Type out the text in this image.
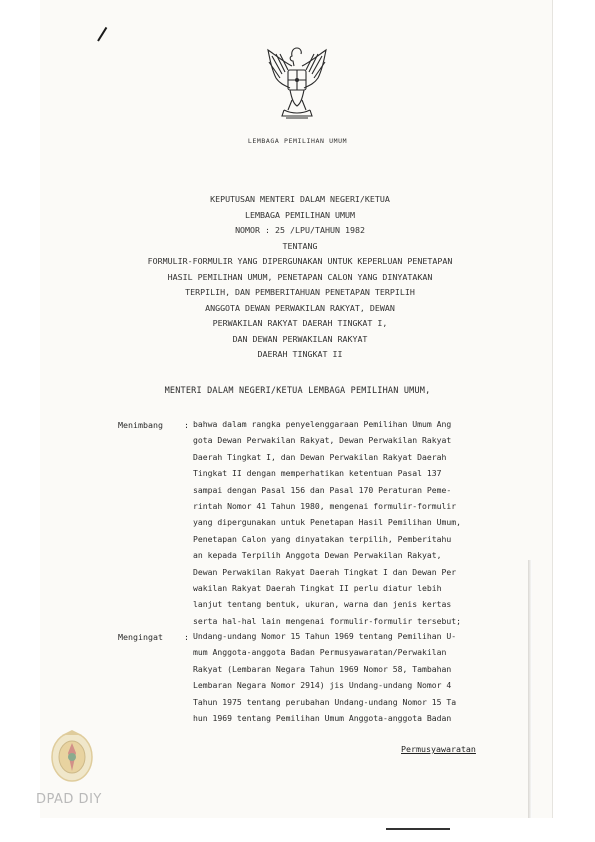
LEMBAGA PEMILIHAN UMUM
KEPUTUSAN MENTERI DALAM NEGERI/KETUA
LEMBAGA PEMILIHAN UMUM
NOMOR : 25 /LPU/TAHUN 1982
TENTANG
FORMULIR-FORMULIR YANG DIPERGUNAKAN UNTUK KEPERLUAN PENETAPAN
HASIL PEMILIHAN UMUM, PENETAPAN CALON YANG DINYATAKAN
TERPILIH, DAN PEMBERITAHUAN PENETAPAN TERPILIH
ANGGOTA DEWAN PERWAKILAN RAKYAT, DEWAN
PERWAKILAN RAKYAT DAERAH TINGKAT I,
DAN DEWAN PERWAKILAN RAKYAT
DAERAH TINGKAT II
MENTERI DALAM NEGERI/KETUA LEMBAGA PEMILIHAN UMUM,
Menimbang	: bahwa dalam rangka penyelenggaraan Pemilihan Umum Ang
gota Dewan Perwakilan Rakyat, Dewan Perwakilan Rakyat
Daerah Tingkat I, dan Dewan Perwakilan Rakyat Daerah
Tingkat II dengan memperhatikan ketentuan Pasal 137
sampai dengan Pasal 156 dan Pasal 170 Peraturan Peme-
rintah Nomor 41 Tahun 1980, mengenai formulir-formulir
yang dipergunakan untuk Penetapan Hasil Pemilihan Umum,
Penetapan Calon yang dinyatakan terpilih, Pemberitahu
an kepada Terpilih Anggota Dewan Perwakilan Rakyat,
Dewan Perwakilan Rakyat Daerah Tingkat I dan Dewan Per
wakilan Rakyat Daerah Tingkat II perlu diatur lebih
lanjut tentang bentuk, ukuran, warna dan jenis kertas
serta hal-hal lain mengenai formulir-formulir tersebut;
Mengingat	: Undang-undang Nomor 15 Tahun 1969 tentang Pemilihan U-
mum Anggota-anggota Badan Permusyawaratan/Perwakilan
Rakyat (Lembaran Negara Tahun 1969 Nomor 58, Tambahan
Lembaran Negara Nomor 2914) jis Undang-undang Nomor 4
Tahun 1975 tentang perubahan Undang-undang Nomor 15 Ta
hun 1969 tentang Pemilihan Umum Anggota-anggota Badan
Permusyawaratan
DPAD DIY
